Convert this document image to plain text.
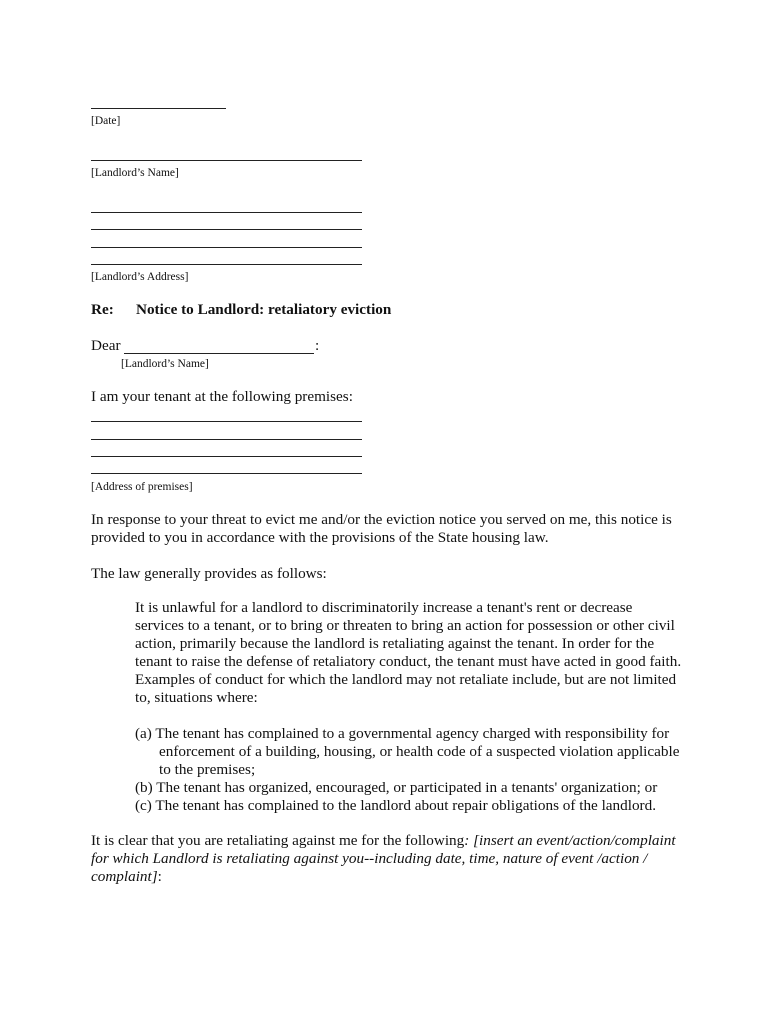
[Date]
[Landlord’s Name]
[Landlord’s Address]
Re: Notice to Landlord: retaliatory eviction
Dear	:
[Landlord’s Name]
I am your tenant at the following premises:
[Address of premises]
In response to your threat to evict me and/or the eviction notice you served on me, this notice is
provided to you in accordance with the provisions of the State housing law.
The law generally provides as follows:
It is unlawful for a landlord to discriminatorily increase a tenant's rent or decrease
services to a tenant, or to bring or threaten to bring an action for possession or other civil
action, primarily because the landlord is retaliating against the tenant. In order for the
tenant to raise the defense of retaliatory conduct, the tenant must have acted in good faith.
Examples of conduct for which the landlord may not retaliate include, but are not limited
to, situations where:
(a) The tenant has complained to a governmental agency charged with responsibility for
enforcement of a building, housing, or health code of a suspected violation applicable
to the premises;
(b) The tenant has organized, encouraged, or participated in a tenants' organization; or
(c) The tenant has complained to the landlord about repair obligations of the landlord.
It is clear that you are retaliating against me for the following: [insert an event/action/complaint
for which Landlord is retaliating against you--including date, time, nature of event /action /
complaint]:
